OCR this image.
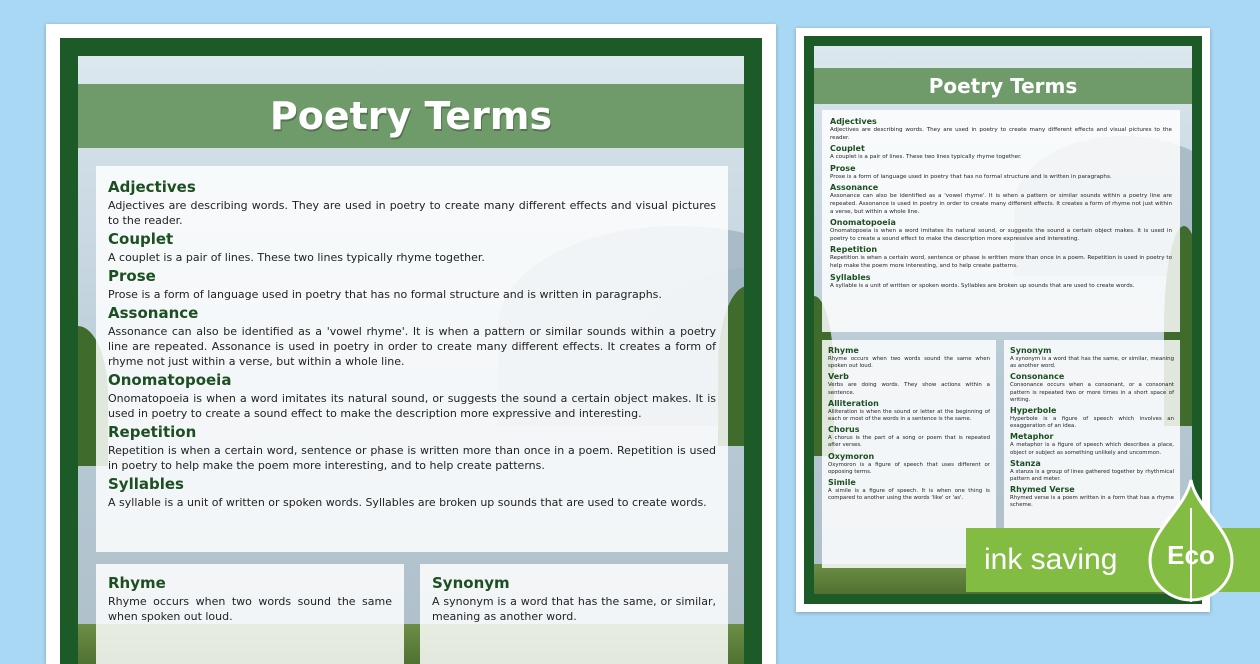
Poetry Terms
Adjectives
Adjectives are describing words. They are used in poetry to create many different effects and visual pictures to the reader.
Couplet
A couplet is a pair of lines. These two lines typically rhyme together.
Prose
Prose is a form of language used in poetry that has no formal structure and is written in paragraphs.
Assonance
Assonance can also be identified as a 'vowel rhyme'. It is when a pattern or similar sounds within a poetry line are repeated. Assonance is used in poetry in order to create many different effects. It creates a form of rhyme not just within a verse, but within a whole line.
Onomatopoeia
Onomatopoeia is when a word imitates its natural sound, or suggests the sound a certain object makes. It is used in poetry to create a sound effect to make the description more expressive and interesting.
Repetition
Repetition is when a certain word, sentence or phase is written more than once in a poem. Repetition is used in poetry to help make the poem more interesting, and to help create patterns.
Syllables
A syllable is a unit of written or spoken words. Syllables are broken up sounds that are used to create words.
Rhyme
Rhyme occurs when two words sound the same when spoken out loud.
Synonym
A synonym is a word that has the same, or similar, meaning as another word.
Poetry Terms
Adjectives
Adjectives are describing words. They are used in poetry to create many different effects and visual pictures to the reader.
Couplet
A couplet is a pair of lines. These two lines typically rhyme together.
Prose
Prose is a form of language used in poetry that has no formal structure and is written in paragraphs.
Assonance
Assonance can also be identified as a 'vowel rhyme'. It is when a pattern or similar sounds within a poetry line are repeated. Assonance is used in poetry in order to create many different effects. It creates a form of rhyme not just within a verse, but within a whole line.
Onomatopoeia
Onomatopoeia is when a word imitates its natural sound, or suggests the sound a certain object makes. It is used in poetry to create a sound effect to make the description more expressive and interesting.
Repetition
Repetition is when a certain word, sentence or phase is written more than once in a poem. Repetition is used in poetry to help make the poem more interesting, and to help create patterns.
Syllables
A syllable is a unit of written or spoken words. Syllables are broken up sounds that are used to create words.
Rhyme
Rhyme occurs when two words sound the same when spoken out loud.
Verb
Verbs are doing words. They show actions within a sentence.
Alliteration
Alliteration is when the sound or letter at the beginning of each or most of the words in a sentence is the same.
Chorus
A chorus is the part of a song or poem that is repeated after verses.
Oxymoron
Oxymoron is a figure of speech that uses different or opposing terms.
Simile
A simile is a figure of speech. It is when one thing is compared to another using the words 'like' or 'as'.
Synonym
A synonym is a word that has the same, or similar, meaning as another word.
Consonance
Consonance occurs when a consonant, or a consonant pattern is repeated two or more times in a short space of writing.
Hyperbole
Hyperbole is a figure of speech which involves an exaggeration of an idea.
Metaphor
A metaphor is a figure of speech which describes a place, object or subject as something unlikely and uncommon.
Stanza
A stanza is a group of lines gathered together by rhythmical pattern and meter.
Rhymed Verse
Rhymed verse is a poem written in a form that has a rhyme scheme.
ink saving Eco
